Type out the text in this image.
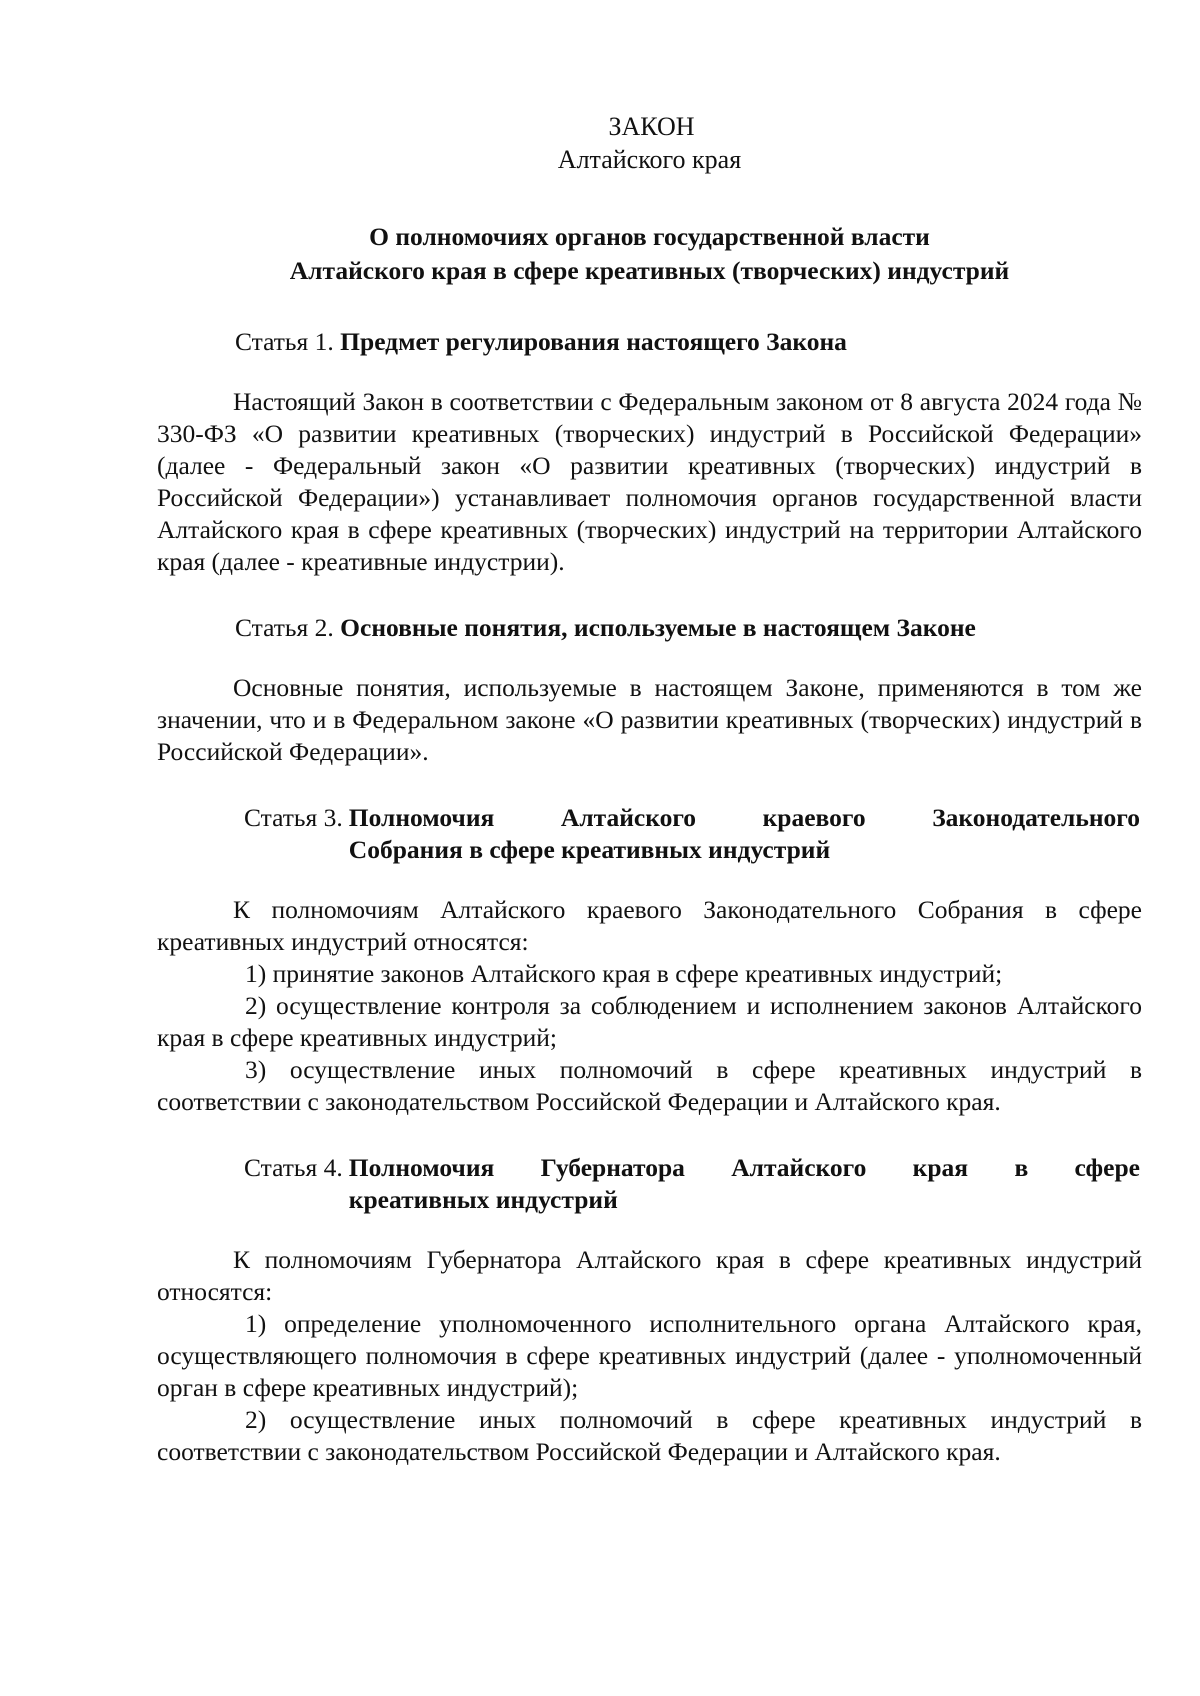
ЗАКОН

Алтайского края

О полномочиях органов государственной власти
Алтайского края в сфере креативных (творческих) индустрий

Статья 1. Предмет регулирования настоящего Закона

Настоящий Закон в соответствии с Федеральным законом от 8 августа 2024 года № 330-ФЗ «О развитии креативных (творческих) индустрий в Российской Федерации» (далее - Федеральный закон «О развитии креативных (творческих) индустрий в Российской Федерации») устанавливает полномочия органов государственной власти Алтайского края в сфере креативных (творческих) индустрий на территории Алтайского края (далее - креативные индустрии).

Статья 2. Основные понятия, используемые в настоящем Законе

Основные понятия, используемые в настоящем Законе, применяются в том же значении, что и в Федеральном законе «О развитии креативных (творческих) индустрий в Российской Федерации».

Статья 3. Полномочия Алтайского краевого Законодательного
Собрания в сфере креативных индустрий

К полномочиям Алтайского краевого Законодательного Собрания в сфере креативных индустрий относятся:

1) принятие законов Алтайского края в сфере креативных индустрий;

2) осуществление контроля за соблюдением и исполнением законов Алтайского края в сфере креативных индустрий;

3) осуществление иных полномочий в сфере креативных индустрий в соответствии с законодательством Российской Федерации и Алтайского края.

Статья 4. Полномочия Губернатора Алтайского края в сфере
креативных индустрий

К полномочиям Губернатора Алтайского края в сфере креативных индустрий относятся:

1) определение уполномоченного исполнительного органа Алтайского края, осуществляющего полномочия в сфере креативных индустрий (далее - уполномоченный орган в сфере креативных индустрий);

2) осуществление иных полномочий в сфере креативных индустрий в соответствии с законодательством Российской Федерации и Алтайского края.
